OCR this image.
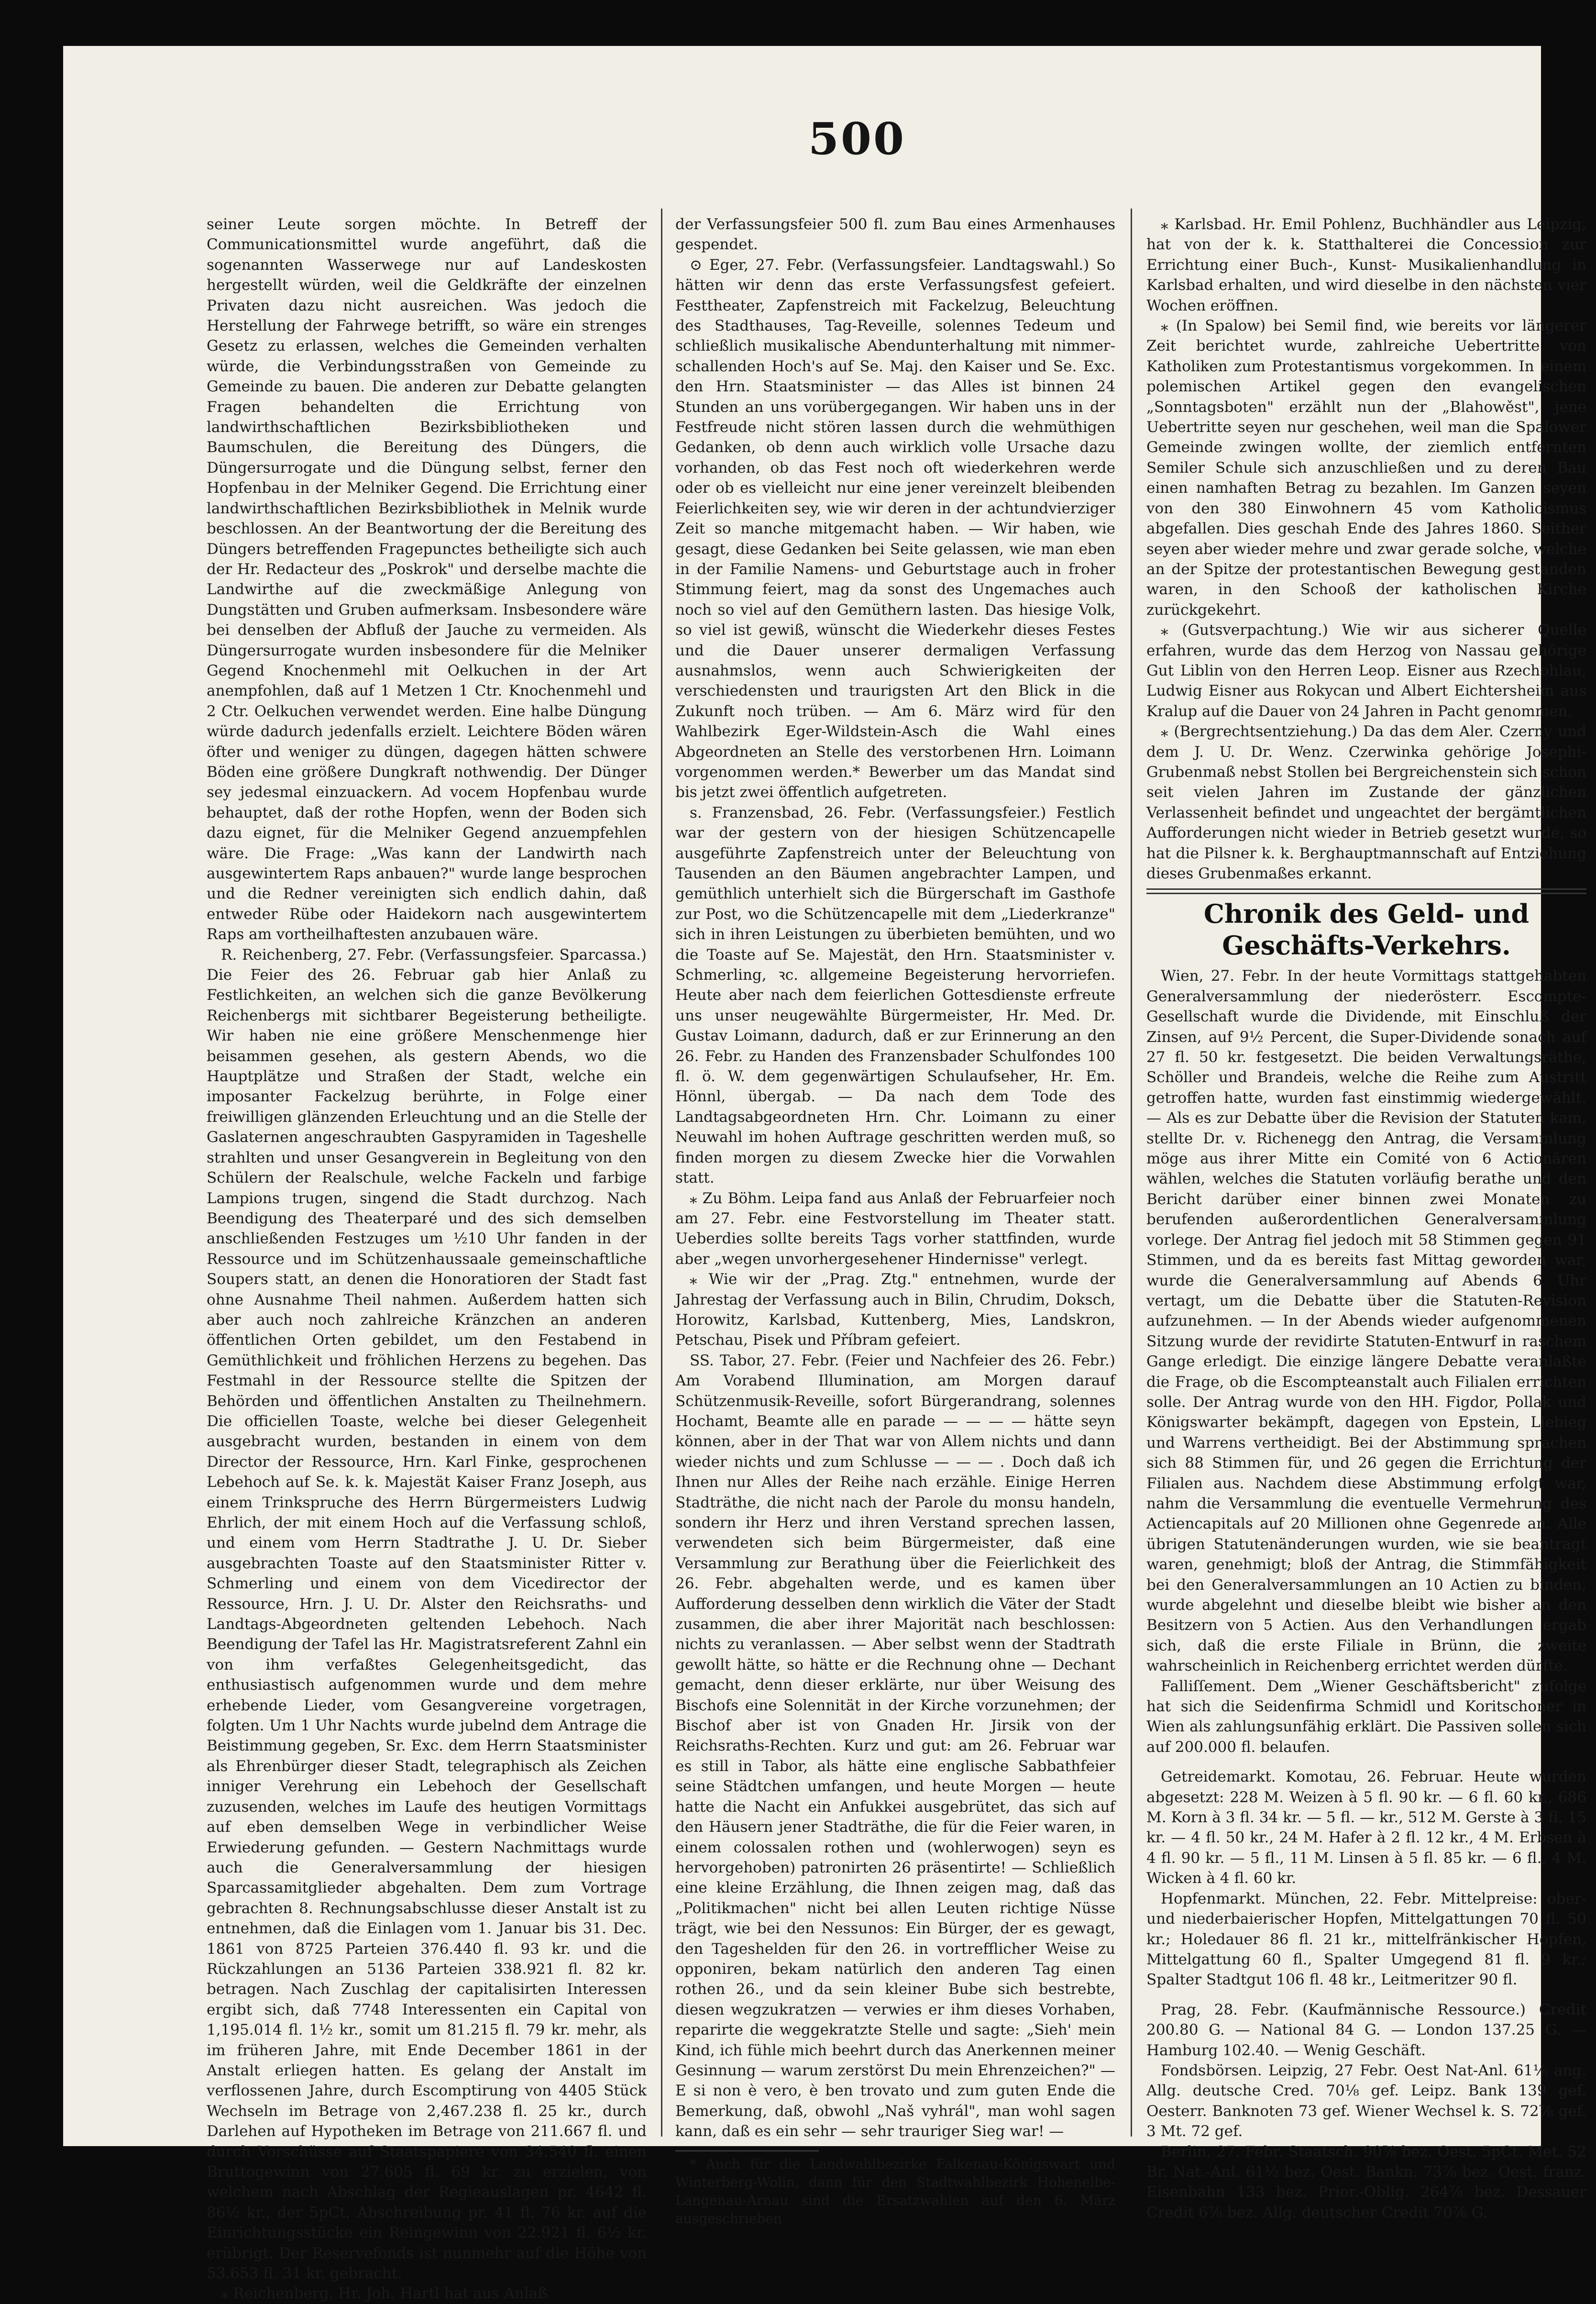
500

seiner Leute sorgen möchte. In Betreff der Communicationsmittel wurde angeführt, daß die sogenannten Wasserwege nur auf Landeskosten hergestellt würden, weil die Geldkräfte der einzelnen Privaten dazu nicht ausreichen. Was jedoch die Herstellung der Fahrwege betrifft, so wäre ein strenges Gesetz zu erlassen, welches die Gemeinden verhalten würde, die Verbindungsstraßen von Gemeinde zu Gemeinde zu bauen. Die anderen zur Debatte gelangten Fragen behandelten die Errichtung von landwirthschaftlichen Bezirksbibliotheken und Baumschulen, die Bereitung des Düngers, die Düngersurrogate und die Düngung selbst, ferner den Hopfenbau in der Melniker Gegend. Die Errichtung einer landwirthschaftlichen Bezirksbibliothek in Melnik wurde beschlossen. An der Beantwortung der die Bereitung des Düngers betreffenden Fragepunctes betheiligte sich auch der Hr. Redacteur des „Poskrok" und derselbe machte die Landwirthe auf die zweckmäßige Anlegung von Dungstätten und Gruben aufmerksam. Insbesondere wäre bei denselben der Abfluß der Jauche zu vermeiden. Als Düngersurrogate wurden insbesondere für die Melniker Gegend Knochenmehl mit Oelkuchen in der Art anempfohlen, daß auf 1 Metzen 1 Ctr. Knochenmehl und 2 Ctr. Oelkuchen verwendet werden. Eine halbe Düngung würde dadurch jedenfalls erzielt. Leichtere Böden wären öfter und weniger zu düngen, dagegen hätten schwere Böden eine größere Dungkraft nothwendig. Der Dünger sey jedesmal einzuackern. Ad vocem Hopfenbau wurde behauptet, daß der rothe Hopfen, wenn der Boden sich dazu eignet, für die Melniker Gegend anzuempfehlen wäre. Die Frage: „Was kann der Landwirth nach ausgewintertem Raps anbauen?" wurde lange besprochen und die Redner vereinigten sich endlich dahin, daß entweder Rübe oder Haidekorn nach ausgewintertem Raps am vortheilhaftesten anzubauen wäre.

R. Reichenberg, 27. Febr. (Verfassungsfeier. Sparcassa.) Die Feier des 26. Februar gab hier Anlaß zu Festlichkeiten, an welchen sich die ganze Bevölkerung Reichenbergs mit sichtbarer Begeisterung betheiligte. Wir haben nie eine größere Menschenmenge hier beisammen gesehen, als gestern Abends, wo die Hauptplätze und Straßen der Stadt, welche ein imposanter Fackelzug berührte, in Folge einer freiwilligen glänzenden Erleuchtung und an die Stelle der Gaslaternen angeschraubten Gaspyramiden in Tageshelle strahlten und unser Gesangverein in Begleitung von den Schülern der Realschule, welche Fackeln und farbige Lampions trugen, singend die Stadt durchzog. Nach Beendigung des Theaterparé und des sich demselben anschließenden Festzuges um ½10 Uhr fanden in der Ressource und im Schützenhaussaale gemeinschaftliche Soupers statt, an denen die Honoratioren der Stadt fast ohne Ausnahme Theil nahmen. Außerdem hatten sich aber auch noch zahlreiche Kränzchen an anderen öffentlichen Orten gebildet, um den Festabend in Gemüthlichkeit und fröhlichen Herzens zu begehen. Das Festmahl in der Ressource stellte die Spitzen der Behörden und öffentlichen Anstalten zu Theilnehmern. Die officiellen Toaste, welche bei dieser Gelegenheit ausgebracht wurden, bestanden in einem von dem Director der Ressource, Hrn. Karl Finke, gesprochenen Lebehoch auf Se. k. k. Majestät Kaiser Franz Joseph, aus einem Trinkspruche des Herrn Bürgermeisters Ludwig Ehrlich, der mit einem Hoch auf die Verfassung schloß, und einem vom Herrn Stadtrathe J. U. Dr. Sieber ausgebrachten Toaste auf den Staatsminister Ritter v. Schmerling und einem von dem Vicedirector der Ressource, Hrn. J. U. Dr. Alster den Reichsraths- und Landtags-Abgeordneten geltenden Lebehoch. Nach Beendigung der Tafel las Hr. Magistratsreferent Zahnl ein von ihm verfaßtes Gelegenheitsgedicht, das enthusiastisch aufgenommen wurde und dem mehre erhebende Lieder, vom Gesangvereine vorgetragen, folgten. Um 1 Uhr Nachts wurde jubelnd dem Antrage die Beistimmung gegeben, Sr. Exc. dem Herrn Staatsminister als Ehrenbürger dieser Stadt, telegraphisch als Zeichen inniger Verehrung ein Lebehoch der Gesellschaft zuzusenden, welches im Laufe des heutigen Vormittags auf eben demselben Wege in verbindlicher Weise Erwiederung gefunden. — Gestern Nachmittags wurde auch die Generalversammlung der hiesigen Sparcassamitglieder abgehalten. Dem zum Vortrage gebrachten 8. Rechnungsabschlusse dieser Anstalt ist zu entnehmen, daß die Einlagen vom 1. Januar bis 31. Dec. 1861 von 8725 Parteien 376.440 fl. 93 kr. und die Rückzahlungen an 5136 Parteien 338.921 fl. 82 kr. betragen. Nach Zuschlag der capitalisirten Interessen ergibt sich, daß 7748 Interessenten ein Capital von 1,195.014 fl. 1½ kr., somit um 81.215 fl. 79 kr. mehr, als im früheren Jahre, mit Ende December 1861 in der Anstalt erliegen hatten. Es gelang der Anstalt im verflossenen Jahre, durch Escomptirung von 4405 Stück Wechseln im Betrage von 2,467.238 fl. 25 kr., durch Darlehen auf Hypotheken im Betrage von 211.667 fl. und durch Vorschüsse auf Staatspapiere von 34.540 fl. einen Bruttogewinn von 27.605 fl. 69 kr. zu erzielen, von welchem nach Abschlag der Regieauslagen pr. 4642 fl. 86½ kr., der 5pCt. Abschreibung pr. 41 fl. 76 kr. auf die Einrichtungsstücke ein Reingewinn von 22.921 fl. 6½ kr. erübrigt. Der Reservefonds ist nunmehr auf die Höhe von 53.653 fl. 31 kr. gebracht.

⁎ Reichenberg. Hr. Joh. Hartl hat aus Anlaß

der Verfassungsfeier 500 fl. zum Bau eines Armenhauses gespendet.

⊙ Eger, 27. Febr. (Verfassungsfeier. Landtagswahl.) So hätten wir denn das erste Verfassungsfest gefeiert. Festtheater, Zapfenstreich mit Fackelzug, Beleuchtung des Stadthauses, Tag-Reveille, solennes Tedeum und schließlich musikalische Abendunterhaltung mit nimmer-schallenden Hoch's auf Se. Maj. den Kaiser und Se. Exc. den Hrn. Staatsminister — das Alles ist binnen 24 Stunden an uns vorübergegangen. Wir haben uns in der Festfreude nicht stören lassen durch die wehmüthigen Gedanken, ob denn auch wirklich volle Ursache dazu vorhanden, ob das Fest noch oft wiederkehren werde oder ob es vielleicht nur eine jener vereinzelt bleibenden Feierlichkeiten sey, wie wir deren in der achtundvierziger Zeit so manche mitgemacht haben. — Wir haben, wie gesagt, diese Gedanken bei Seite gelassen, wie man eben in der Familie Namens- und Geburtstage auch in froher Stimmung feiert, mag da sonst des Ungemaches auch noch so viel auf den Gemüthern lasten. Das hiesige Volk, so viel ist gewiß, wünscht die Wiederkehr dieses Festes und die Dauer unserer dermaligen Verfassung ausnahmslos, wenn auch Schwierigkeiten der verschiedensten und traurigsten Art den Blick in die Zukunft noch trüben. — Am 6. März wird für den Wahlbezirk Eger-Wildstein-Asch die Wahl eines Abgeordneten an Stelle des verstorbenen Hrn. Loimann vorgenommen werden.* Bewerber um das Mandat sind bis jetzt zwei öffentlich aufgetreten.

s. Franzensbad, 26. Febr. (Verfassungsfeier.) Festlich war der gestern von der hiesigen Schützencapelle ausgeführte Zapfenstreich unter der Beleuchtung von Tausenden an den Bäumen angebrachter Lampen, und gemüthlich unterhielt sich die Bürgerschaft im Gasthofe zur Post, wo die Schützencapelle mit dem „Liederkranze" sich in ihren Leistungen zu überbieten bemühten, und wo die Toaste auf Se. Majestät, den Hrn. Staatsminister v. Schmerling, ꝛc. allgemeine Begeisterung hervorriefen. Heute aber nach dem feierlichen Gottesdienste erfreute uns unser neugewählte Bürgermeister, Hr. Med. Dr. Gustav Loimann, dadurch, daß er zur Erinnerung an den 26. Febr. zu Handen des Franzensbader Schulfondes 100 fl. ö. W. dem gegenwärtigen Schulaufseher, Hr. Em. Hönnl, übergab. — Da nach dem Tode des Landtagsabgeordneten Hrn. Chr. Loimann zu einer Neuwahl im hohen Auftrage geschritten werden muß, so finden morgen zu diesem Zwecke hier die Vorwahlen statt.

⁎ Zu Böhm. Leipa fand aus Anlaß der Februarfeier noch am 27. Febr. eine Festvorstellung im Theater statt. Ueberdies sollte bereits Tags vorher stattfinden, wurde aber „wegen unvorhergesehener Hindernisse" verlegt.

⁎ Wie wir der „Prag. Ztg." entnehmen, wurde der Jahrestag der Verfassung auch in Bilin, Chrudim, Doksch, Horowitz, Karlsbad, Kuttenberg, Mies, Landskron, Petschau, Pisek und Příbram gefeiert.

SS. Tabor, 27. Febr. (Feier und Nachfeier des 26. Febr.) Am Vorabend Illumination, am Morgen darauf Schützenmusik-Reveille, sofort Bürgerandrang, solennes Hochamt, Beamte alle en parade — — — — hätte seyn können, aber in der That war von Allem nichts und dann wieder nichts und zum Schlusse — — — . Doch daß ich Ihnen nur Alles der Reihe nach erzähle. Einige Herren Stadträthe, die nicht nach der Parole du monsu handeln, sondern ihr Herz und ihren Verstand sprechen lassen, verwendeten sich beim Bürgermeister, daß eine Versammlung zur Berathung über die Feierlichkeit des 26. Febr. abgehalten werde, und es kamen über Aufforderung desselben denn wirklich die Väter der Stadt zusammen, die aber ihrer Majorität nach beschlossen: nichts zu veranlassen. — Aber selbst wenn der Stadtrath gewollt hätte, so hätte er die Rechnung ohne — Dechant gemacht, denn dieser erklärte, nur über Weisung des Bischofs eine Solennität in der Kirche vorzunehmen; der Bischof aber ist von Gnaden Hr. Jirsik von der Reichsraths-Rechten. Kurz und gut: am 26. Februar war es still in Tabor, als hätte eine englische Sabbathfeier seine Städtchen umfangen, und heute Morgen — heute hatte die Nacht ein Anfukkei ausgebrütet, das sich auf den Häusern jener Stadträthe, die für die Feier waren, in einem colossalen rothen und (wohlerwogen) seyn es hervorgehoben) patronirten 26 präsentirte! — Schließlich eine kleine Erzählung, die Ihnen zeigen mag, daß das „Politikmachen" nicht bei allen Leuten richtige Nüsse trägt, wie bei den Nessunos: Ein Bürger, der es gewagt, den Tageshelden für den 26. in vortrefflicher Weise zu opponiren, bekam natürlich den anderen Tag einen rothen 26., und da sein kleiner Bube sich bestrebte, diesen wegzukratzen — verwies er ihm dieses Vorhaben, reparirte die weggekratzte Stelle und sagte: „Sieh' mein Kind, ich fühle mich beehrt durch das Anerkennen meiner Gesinnung — warum zerstörst Du mein Ehrenzeichen?" — E si non è vero, è ben trovato und zum guten Ende die Bemerkung, daß, obwohl „Naš vyhrál", man wohl sagen kann, daß es ein sehr — sehr trauriger Sieg war! —

* Auch für die Landwahlbezirke Falkenau-Königswart und Winterberg-Wolin, dann für den Stadtwahlbezirk Hohenelbe-Langenau-Arnau sind die Ersatzwahlen auf den 6. März ausgeschrieben

⁎ Karlsbad. Hr. Emil Pohlenz, Buchhändler aus Leipzig, hat von der k. k. Statthalterei die Concession zur Errichtung einer Buch-, Kunst- Musikalienhandlung in Karlsbad erhalten, und wird dieselbe in den nächsten vier Wochen eröffnen.

⁎ (In Spalow) bei Semil find, wie bereits vor längerer Zeit berichtet wurde, zahlreiche Uebertritte von Katholiken zum Protestantismus vorgekommen. In einem polemischen Artikel gegen den evangelischen „Sonntagsboten" erzählt nun der „Blahowěst", jene Uebertritte seyen nur geschehen, weil man die Spalower Gemeinde zwingen wollte, der ziemlich entfernten Semiler Schule sich anzuschließen und zu deren Bau einen namhaften Betrag zu bezahlen. Im Ganzen seyen von den 380 Einwohnern 45 vom Katholicismus abgefallen. Dies geschah Ende des Jahres 1860. Seither seyen aber wieder mehre und zwar gerade solche, welche an der Spitze der protestantischen Bewegung gestanden waren, in den Schooß der katholischen Kirche zurückgekehrt.

⁎ (Gutsverpachtung.) Wie wir aus sicherer Quelle erfahren, wurde das dem Herzog von Nassau gehörige Gut Liblin von den Herren Leop. Eisner aus Rzechohlau, Ludwig Eisner aus Rokycan und Albert Eichtersheim aus Kralup auf die Dauer von 24 Jahren in Pacht genommen.

⁎ (Bergrechtsentziehung.) Da das dem Aler. Czerny und dem J. U. Dr. Wenz. Czerwinka gehörige Josephi-Grubenmaß nebst Stollen bei Bergreichenstein sich schon seit vielen Jahren im Zustande der gänzlichen Verlassenheit befindet und ungeachtet der bergämtlichen Aufforderungen nicht wieder in Betrieb gesetzt wurde, so hat die Pilsner k. k. Berghauptmannschaft auf Entziehung dieses Grubenmaßes erkannt.

Chronik des Geld- und Geschäfts-Verkehrs.

Wien, 27. Febr. In der heute Vormittags stattgehabten Generalversammlung der niederösterr. Escompte-Gesellschaft wurde die Dividende, mit Einschluß der Zinsen, auf 9½ Percent, die Super-Dividende sonach auf 27 fl. 50 kr. festgesetzt. Die beiden Verwaltungsräthe, Schöller und Brandeis, welche die Reihe zum Austritt getroffen hatte, wurden fast einstimmig wiedergewählt. — Als es zur Debatte über die Revision der Statuten kam, stellte Dr. v. Richenegg den Antrag, die Versammlung möge aus ihrer Mitte ein Comité von 6 Actionären wählen, welches die Statuten vorläufig berathe und den Bericht darüber einer binnen zwei Monaten zu berufenden außerordentlichen Generalversammlung vorlege. Der Antrag fiel jedoch mit 58 Stimmen gegen 91 Stimmen, und da es bereits fast Mittag geworden war, wurde die Generalversammlung auf Abends 6 Uhr vertagt, um die Debatte über die Statuten-Revision aufzunehmen. — In der Abends wieder aufgenommenen Sitzung wurde der revidirte Statuten-Entwurf in raschem Gange erledigt. Die einzige längere Debatte veranlaßte die Frage, ob die Escompteanstalt auch Filialen errichten solle. Der Antrag wurde von den HH. Figdor, Pollak und Königswarter bekämpft, dagegen von Epstein, Liebieg und Warrens vertheidigt. Bei der Abstimmung sprachen sich 88 Stimmen für, und 26 gegen die Errichtung der Filialen aus. Nachdem diese Abstimmung erfolgt war, nahm die Versammlung die eventuelle Vermehrung des Actiencapitals auf 20 Millionen ohne Gegenrede an. Alle übrigen Statutenänderungen wurden, wie sie beantragt waren, genehmigt; bloß der Antrag, die Stimmfähigkeit bei den Generalversammlungen an 10 Actien zu binden, wurde abgelehnt und dieselbe bleibt wie bisher an den Besitzern von 5 Actien. Aus den Verhandlungen ergab sich, daß die erste Filiale in Brünn, die zweite wahrscheinlich in Reichenberg errichtet werden dürfte.

Falliſſement. Dem „Wiener Geschäftsbericht" zufolge hat sich die Seidenfirma Schmidl und Koritschoner in Wien als zahlungsunfähig erklärt. Die Passiven sollen sich auf 200.000 fl. belaufen.

Getreidemarkt. Komotau, 26. Februar. Heute wurden abgesetzt: 228 M. Weizen à 5 fl. 90 kr. — 6 fl. 60 kr., 686 M. Korn à 3 fl. 34 kr. — 5 fl. — kr., 512 M. Gerste à 3 fl. 15 kr. — 4 fl. 50 kr., 24 M. Hafer à 2 fl. 12 kr., 4 M. Erbsen à 4 fl. 90 kr. — 5 fl., 11 M. Linsen à 5 fl. 85 kr. — 6 fl., 4 M. Wicken à 4 fl. 60 kr.

Hopfenmarkt. München, 22. Febr. Mittelpreise: ober- und niederbaierischer Hopfen, Mittelgattungen 70 fl. 50 kr.; Holedauer 86 fl. 21 kr., mittelfränkischer Hopfen, Mittelgattung 60 fl., Spalter Umgegend 81 fl. 9 kr.; Spalter Stadtgut 106 fl. 48 kr., Leitmeritzer 90 fl.

Prag, 28. Febr. (Kaufmännische Ressource.) Credit 200.80 G. — National 84 G. — London 137.25 G. — Hamburg 102.40. — Wenig Geschäft.

Fondsbörsen. Leipzig, 27 Febr. Oest Nat-Anl. 61⅛ ang. Allg. deutsche Cred. 70⅛ gef. Leipz. Bank 139 gef. Oesterr. Banknoten 73 gef. Wiener Wechsel k. S. 72⅞ gef. 3 Mt. 72 gef.

Berlin, 27. Febr. Staatsch. 90⅞ bez. Oest. 5pCt. Met. 52 Br. Nat.-Anl. 61½ bez. Oest. Bankn. 73⅞ bez. Oest. franz. Eisenbahn 133 bez. Prior.-Oblig. 264⅞ bez. Dessauer Credit 6⅞ bez. Allg. deutscher Credit 70⅞ G.
